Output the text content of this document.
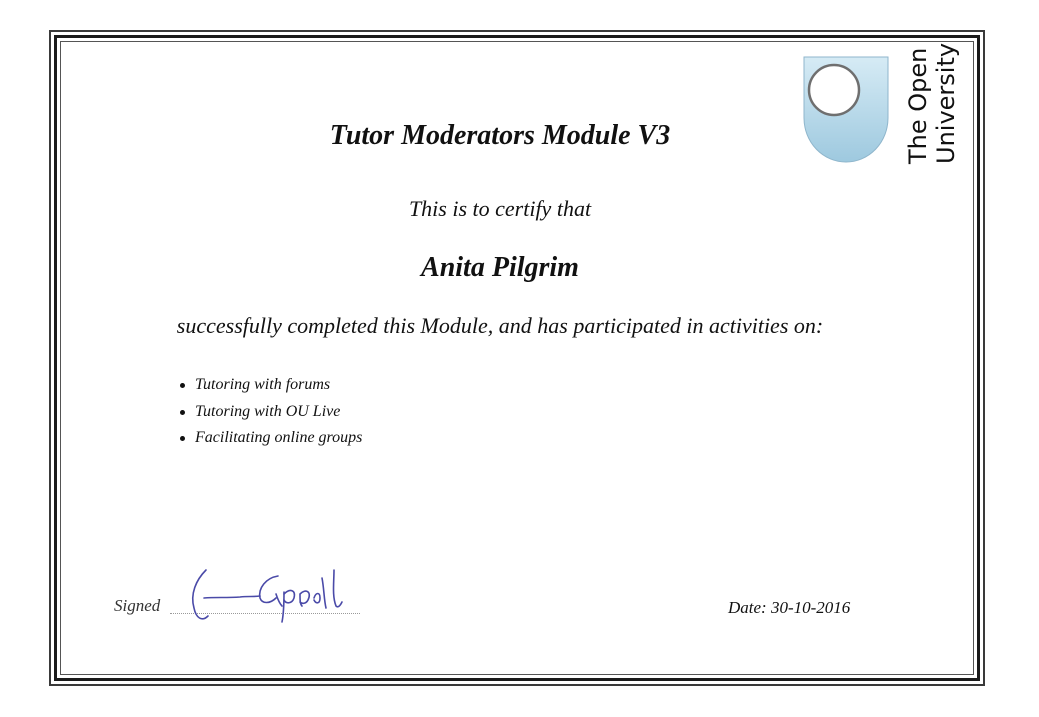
The Open University
Tutor Moderators Module V3
This is to certify that
Anita Pilgrim
successfully completed this Module, and has participated in activities on:
Tutoring with forums
Tutoring with OU Live
Facilitating online groups
Signed	Date: 30-10-2016
